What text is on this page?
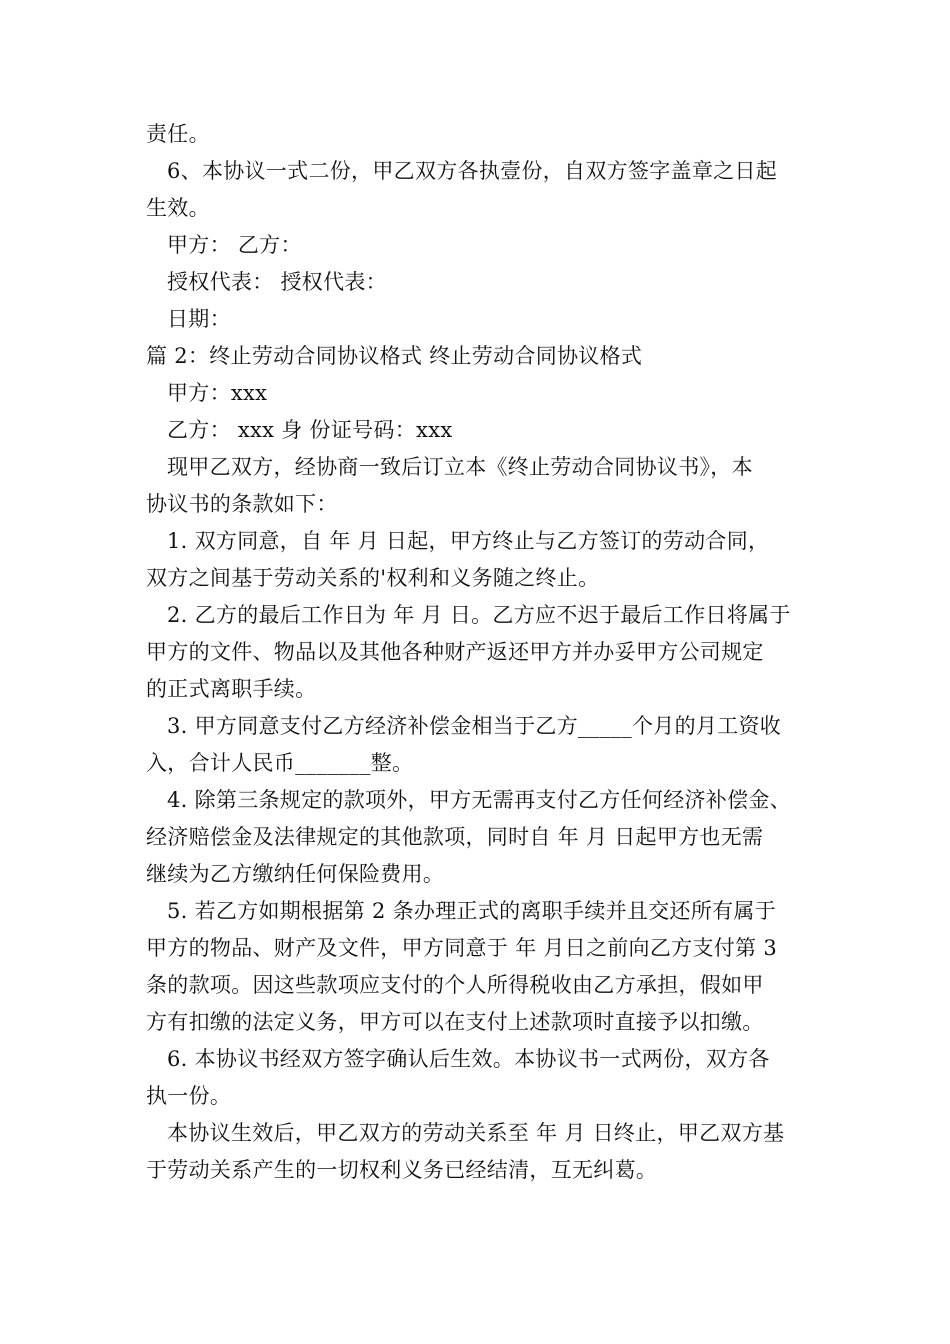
责任。
6、本协议一式二份，甲乙双方各执壹份，自双方签字盖章之日起
生效。
甲方： 乙方：
授权代表： 授权代表：
日期：
篇 2：终止劳动合同协议格式 终止劳动合同协议格式
甲方：xxx
乙方： xxx 身 份证号码：xxx
现甲乙双方，经协商一致后订立本《终止劳动合同协议书》，本
协议书的条款如下：
1. 双方同意，自 年 月 日起，甲方终止与乙方签订的劳动合同，
双方之间基于劳动关系的'权利和义务随之终止。
2. 乙方的最后工作日为 年 月 日。乙方应不迟于最后工作日将属于
甲方的文件、物品以及其他各种财产返还甲方并办妥甲方公司规定
的正式离职手续。
3. 甲方同意支付乙方经济补偿金相当于乙方_____个月的月工资收
入，合计人民币_______整。
4. 除第三条规定的款项外，甲方无需再支付乙方任何经济补偿金、
经济赔偿金及法律规定的其他款项，同时自 年 月 日起甲方也无需
继续为乙方缴纳任何保险费用。
5. 若乙方如期根据第 2 条办理正式的离职手续并且交还所有属于
甲方的物品、财产及文件，甲方同意于 年 月日之前向乙方支付第 3
条的款项。因这些款项应支付的个人所得税收由乙方承担，假如甲
方有扣缴的法定义务，甲方可以在支付上述款项时直接予以扣缴。
6. 本协议书经双方签字确认后生效。本协议书一式两份，双方各
执一份。
本协议生效后，甲乙双方的劳动关系至 年 月 日终止，甲乙双方基
于劳动关系产生的一切权利义务已经结清，互无纠葛。
